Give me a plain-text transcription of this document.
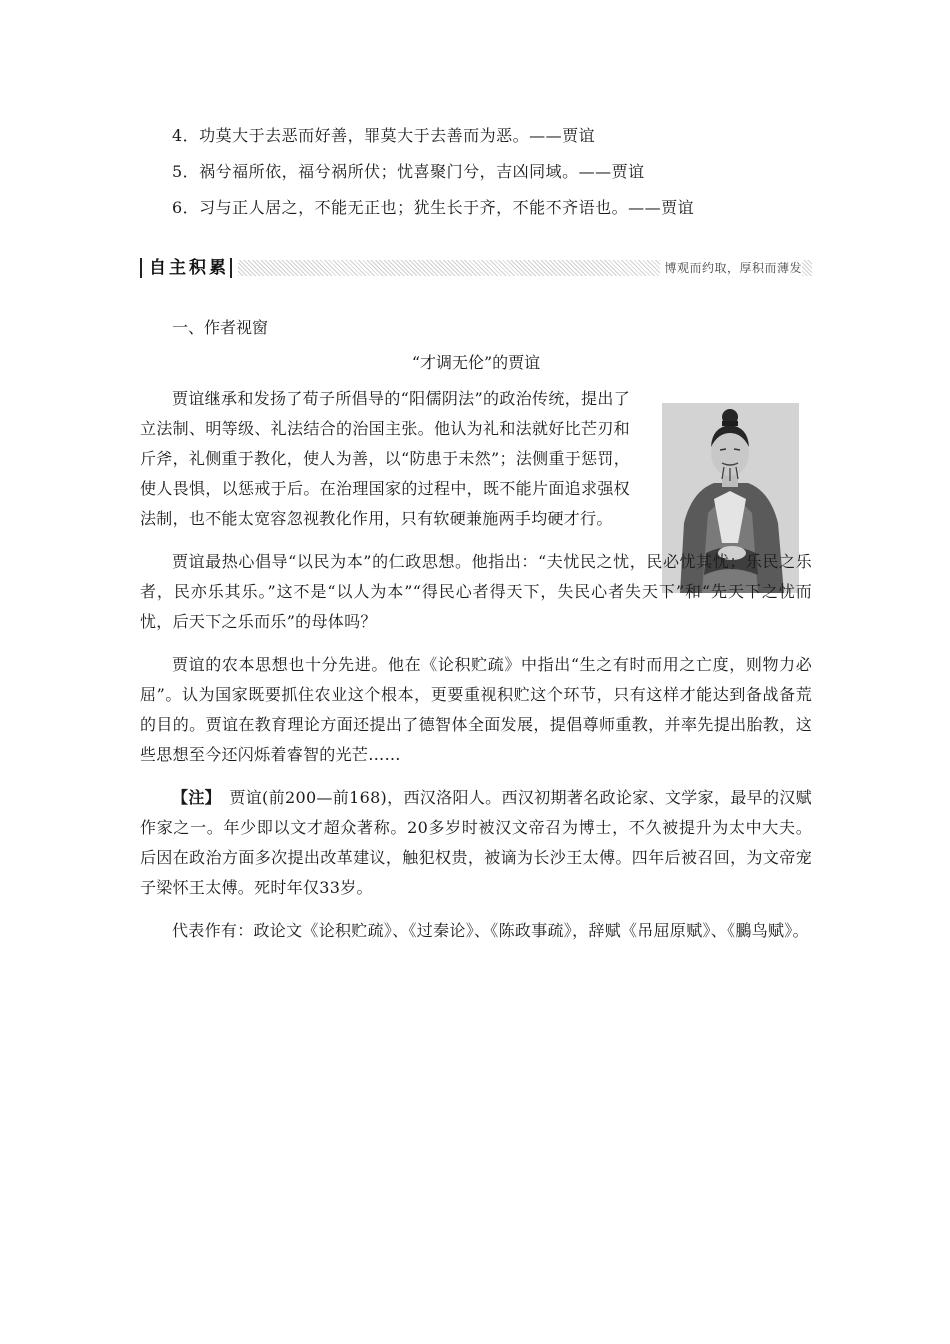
4．功莫大于去恶而好善，罪莫大于去善而为恶。——贾谊
5．祸兮福所依，福兮祸所伏；忧喜聚门兮，吉凶同域。——贾谊
6．习与正人居之，不能无正也；犹生长于齐，不能不齐语也。——贾谊
自主积累	博观而约取，厚积而薄发
一、作者视窗
“才调无伦”的贾谊

贾谊继承和发扬了荀子所倡导的“阳儒阴法”的政治传统，提出了立法制、明等级、礼法结合的治国主张。他认为礼和法就好比芒刃和斤斧，礼侧重于教化，使人为善，以“防患于未然”；法侧重于惩罚，使人畏惧，以惩戒于后。在治理国家的过程中，既不能片面追求强权法制，也不能太宽容忽视教化作用，只有软硬兼施两手均硬才行。

贾谊最热心倡导“以民为本”的仁政思想。他指出：“夫忧民之忧，民必忧其忧；乐民之乐者，民亦乐其乐。”这不是“以人为本”“得民心者得天下，失民心者失天下”和“先天下之忧而忧，后天下之乐而乐”的母体吗？

贾谊的农本思想也十分先进。他在《论积贮疏》中指出“生之有时而用之亡度，则物力必屈”。认为国家既要抓住农业这个根本，更要重视积贮这个环节，只有这样才能达到备战备荒的目的。贾谊在教育理论方面还提出了德智体全面发展，提倡尊师重教，并率先提出胎教，这些思想至今还闪烁着睿智的光芒……

【注】　贾谊(前200—前168)，西汉洛阳人。西汉初期著名政论家、文学家，最早的汉赋作家之一。年少即以文才超众著称。20多岁时被汉文帝召为博士，不久被提升为太中大夫。后因在政治方面多次提出改革建议，触犯权贵，被谪为长沙王太傅。四年后被召回，为文帝宠子梁怀王太傅。死时年仅33岁。

代表作有：政论文《论积贮疏》、《过秦论》、《陈政事疏》，辞赋《吊屈原赋》、《鵩鸟赋》。
